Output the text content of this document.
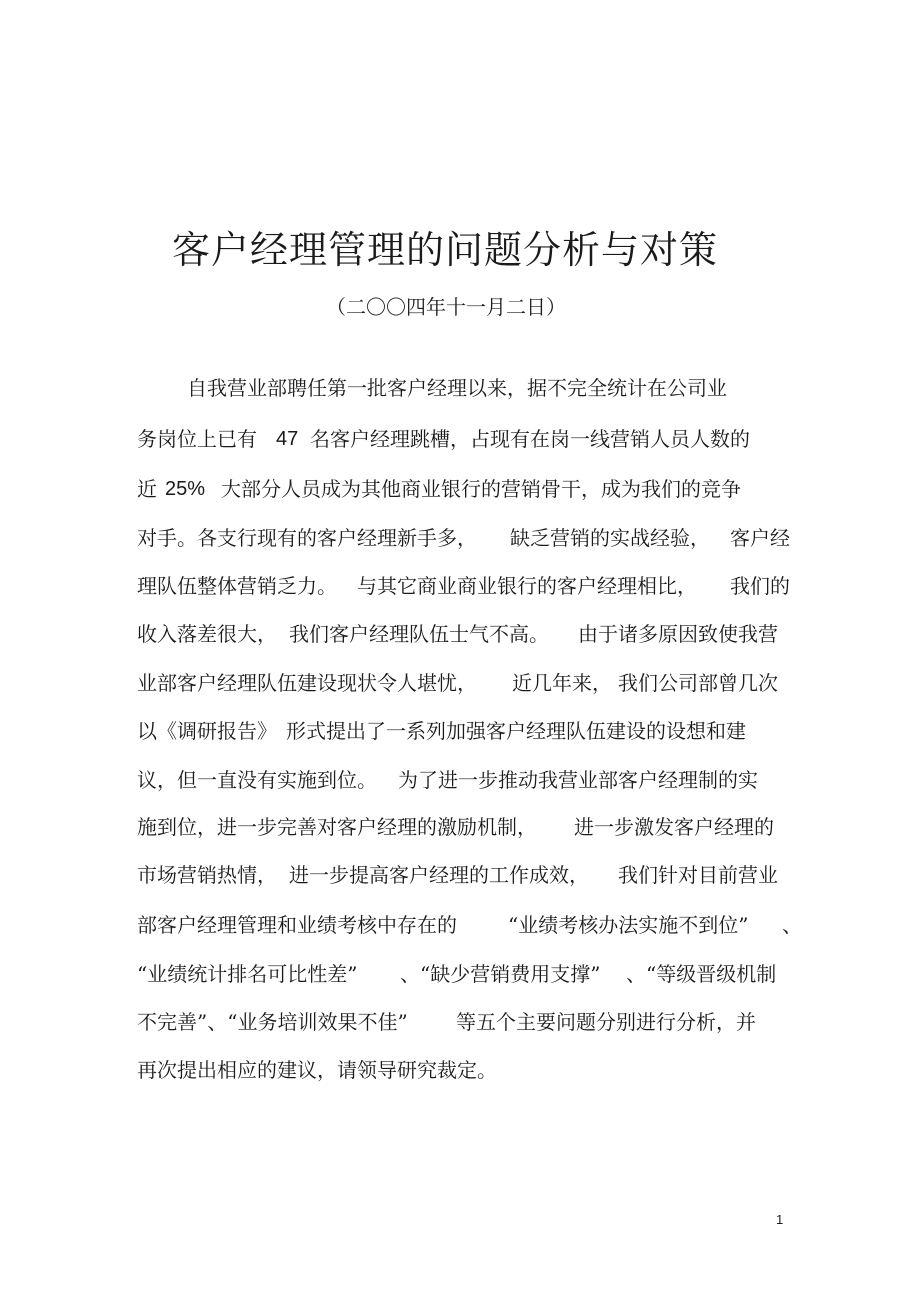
客户经理管理的问题分析与对策
（二〇〇四年十一月二日）
自我营业部聘任第一批客户经理以来，据不完全统计在公司业
务岗位上已有 47 名客户经理跳槽，占现有在岗一线营销人员人数的
近 25% 大部分人员成为其他商业银行的营销骨干，成为我们的竞争
对手。各支行现有的客户经理新手多， 缺乏营销的实战经验， 客户经
理队伍整体营销乏力。 与其它商业商业银行的客户经理相比， 我们的
收入落差很大， 我们客户经理队伍士气不高。 由于诸多原因致使我营
业部客户经理队伍建设现状令人堪忧， 近几年来， 我们公司部曾几次
以《调研报告》 形式提出了一系列加强客户经理队伍建设的设想和建
议，但一直没有实施到位。 为了进一步推动我营业部客户经理制的实
施到位，进一步完善对客户经理的激励机制， 进一步激发客户经理的
市场营销热情， 进一步提高客户经理的工作成效， 我们针对目前营业
部客户经理管理和业绩考核中存在的	“业绩考核办法实施不到位” 、
“业绩统计排名可比性差” 、“缺少营销费用支撑” 、“等级晋级机制
不完善”、“业务培训效果不佳” 等五个主要问题分别进行分析，并
再次提出相应的建议，请领导研究裁定。
1
